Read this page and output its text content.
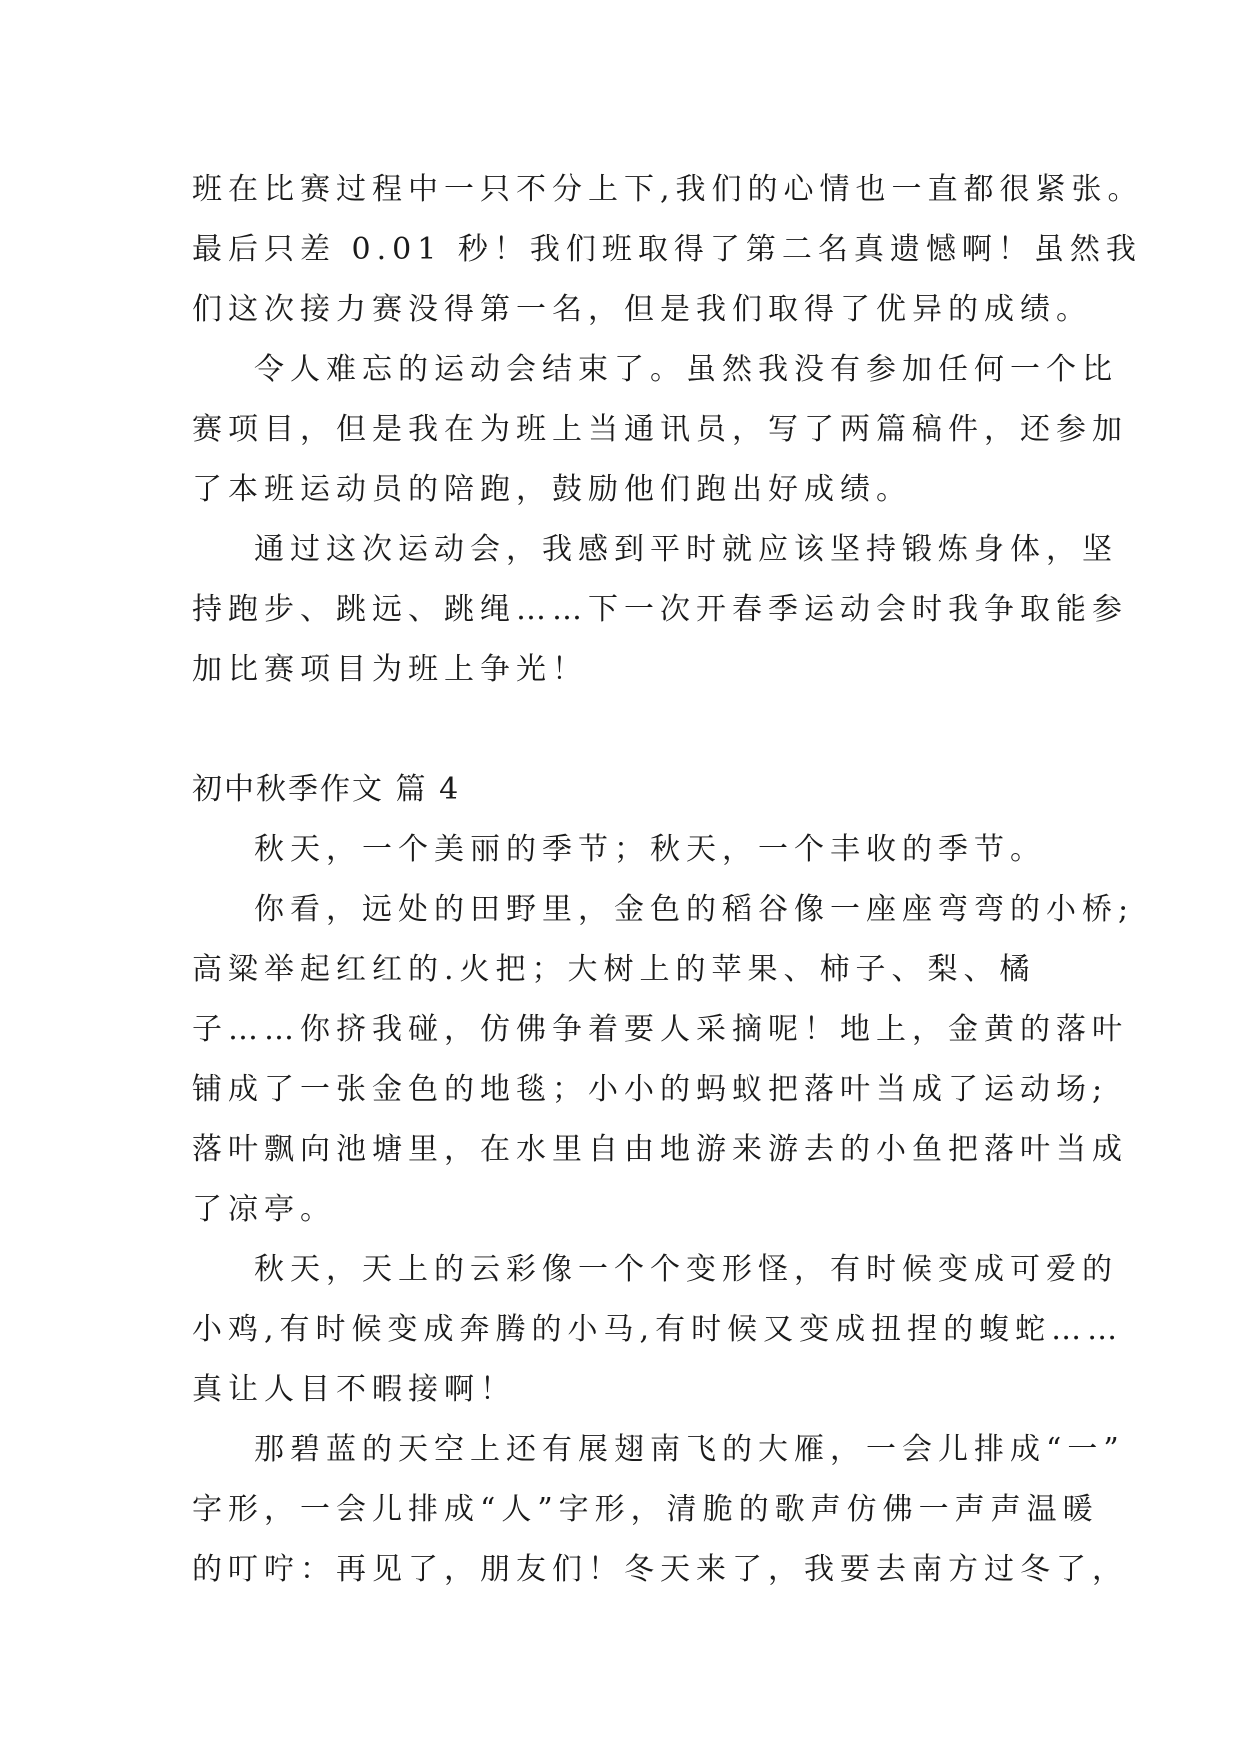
班在比赛过程中一只不分上下,我们的心情也一直都很紧张。
最后只差 0.01 秒！我们班取得了第二名真遗憾啊！虽然我
们这次接力赛没得第一名，但是我们取得了优异的成绩。
令人难忘的运动会结束了。虽然我没有参加任何一个比
赛项目，但是我在为班上当通讯员，写了两篇稿件，还参加
了本班运动员的陪跑，鼓励他们跑出好成绩。
通过这次运动会，我感到平时就应该坚持锻炼身体，坚
持跑步、跳远、跳绳……下一次开春季运动会时我争取能参
加比赛项目为班上争光！
初中秋季作文 篇 4
秋天，一个美丽的季节；秋天，一个丰收的季节。
你看，远处的田野里，金色的稻谷像一座座弯弯的小桥;
高粱举起红红的.火把；大树上的苹果、柿子、梨、橘
子……你挤我碰，仿佛争着要人采摘呢！地上，金黄的落叶
铺成了一张金色的地毯；小小的蚂蚁把落叶当成了运动场;
落叶飘向池塘里，在水里自由地游来游去的小鱼把落叶当成
了凉亭。
秋天，天上的云彩像一个个变形怪，有时候变成可爱的
小鸡,有时候变成奔腾的小马,有时候又变成扭捏的蝮蛇……
真让人目不暇接啊！
那碧蓝的天空上还有展翅南飞的大雁，一会儿排成“一”
字形，一会儿排成“人”字形，清脆的歌声仿佛一声声温暖
的叮咛：再见了，朋友们！冬天来了，我要去南方过冬了，
